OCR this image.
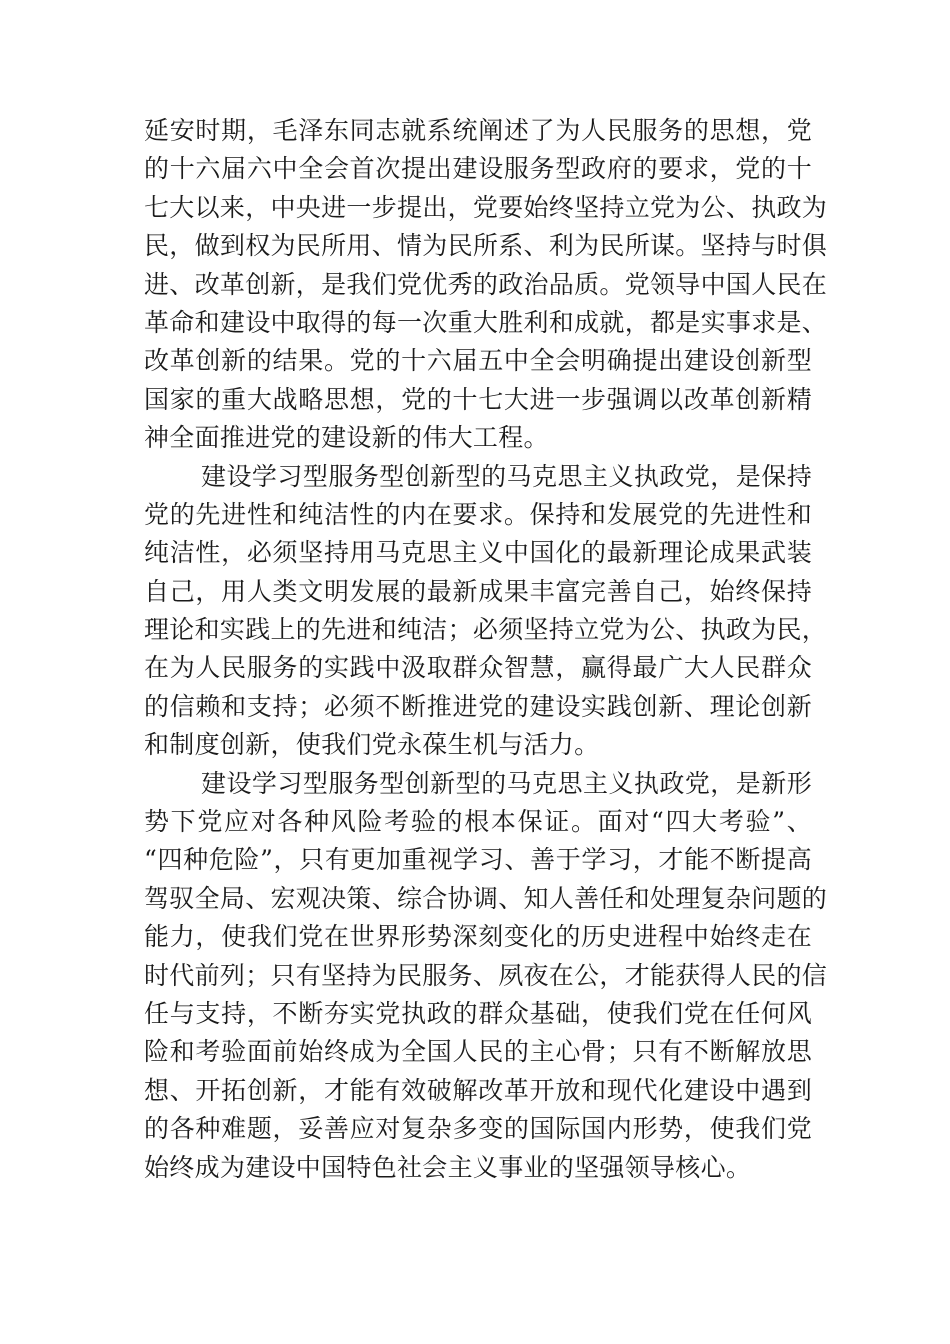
延安时期，毛泽东同志就系统阐述了为人民服务的思想，党
的十六届六中全会首次提出建设服务型政府的要求，党的十
七大以来，中央进一步提出，党要始终坚持立党为公、执政为
民，做到权为民所用、情为民所系、利为民所谋。坚持与时俱
进、改革创新，是我们党优秀的政治品质。党领导中国人民在
革命和建设中取得的每一次重大胜利和成就，都是实事求是、
改革创新的结果。党的十六届五中全会明确提出建设创新型
国家的重大战略思想，党的十七大进一步强调以改革创新精
神全面推进党的建设新的伟大工程。
建设学习型服务型创新型的马克思主义执政党，是保持
党的先进性和纯洁性的内在要求。保持和发展党的先进性和
纯洁性，必须坚持用马克思主义中国化的最新理论成果武装
自己，用人类文明发展的最新成果丰富完善自己，始终保持
理论和实践上的先进和纯洁；必须坚持立党为公、执政为民，
在为人民服务的实践中汲取群众智慧，赢得最广大人民群众
的信赖和支持；必须不断推进党的建设实践创新、理论创新
和制度创新，使我们党永葆生机与活力。
建设学习型服务型创新型的马克思主义执政党，是新形
势下党应对各种风险考验的根本保证。面对“四大考验”、
“四种危险”，只有更加重视学习、善于学习，才能不断提高
驾驭全局、宏观决策、综合协调、知人善任和处理复杂问题的
能力，使我们党在世界形势深刻变化的历史进程中始终走在
时代前列；只有坚持为民服务、夙夜在公，才能获得人民的信
任与支持，不断夯实党执政的群众基础，使我们党在任何风
险和考验面前始终成为全国人民的主心骨；只有不断解放思
想、开拓创新，才能有效破解改革开放和现代化建设中遇到
的各种难题，妥善应对复杂多变的国际国内形势，使我们党
始终成为建设中国特色社会主义事业的坚强领导核心。
